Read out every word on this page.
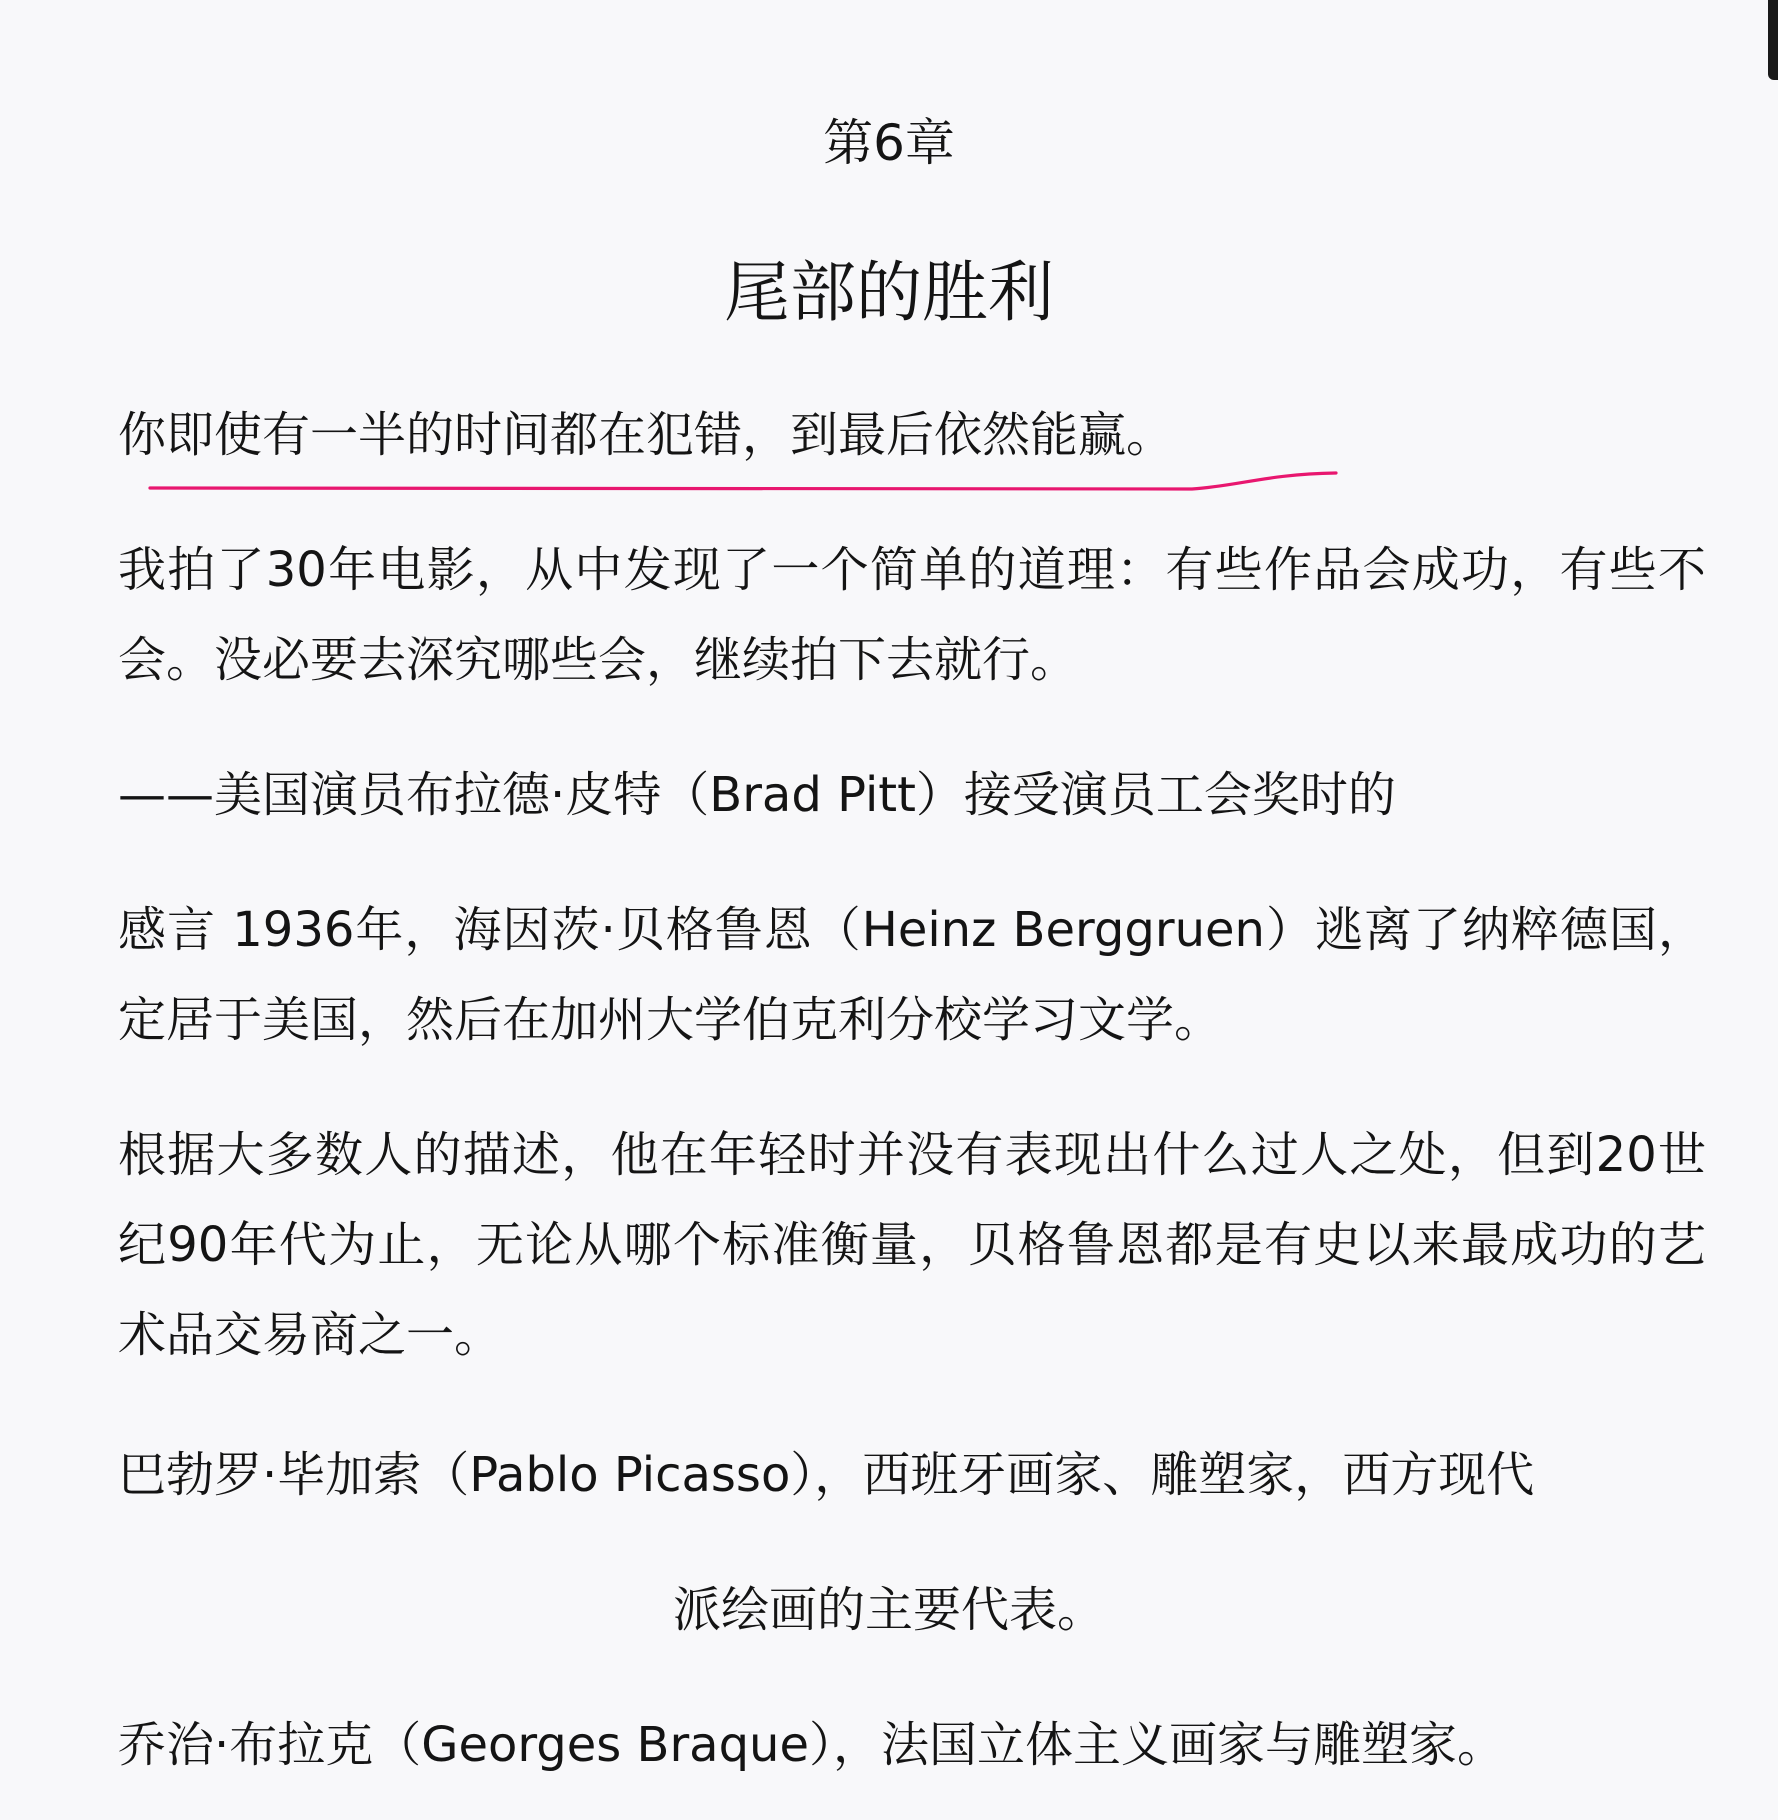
第6章
尾部的胜利

你即使有一半的时间都在犯错，到最后依然能赢。

我拍了30年电影，从中发现了一个简单的道理：有些作品会成功，有些不会。没必要去深究哪些会，继续拍下去就行。

——美国演员布拉德·皮特（Brad Pitt）接受演员工会奖时的

感言 1936年，海因茨·贝格鲁恩（Heinz Berggruen）逃离了纳粹德国，定居于美国，然后在加州大学伯克利分校学习文学。

根据大多数人的描述，他在年轻时并没有表现出什么过人之处，但到20世纪90年代为止，无论从哪个标准衡量，贝格鲁恩都是有史以来最成功的艺术品交易商之一。

巴勃罗·毕加索（Pablo Picasso），西班牙画家、雕塑家，西方现代

派绘画的主要代表。

乔治·布拉克（Georges Braque），法国立体主义画家与雕塑家。
